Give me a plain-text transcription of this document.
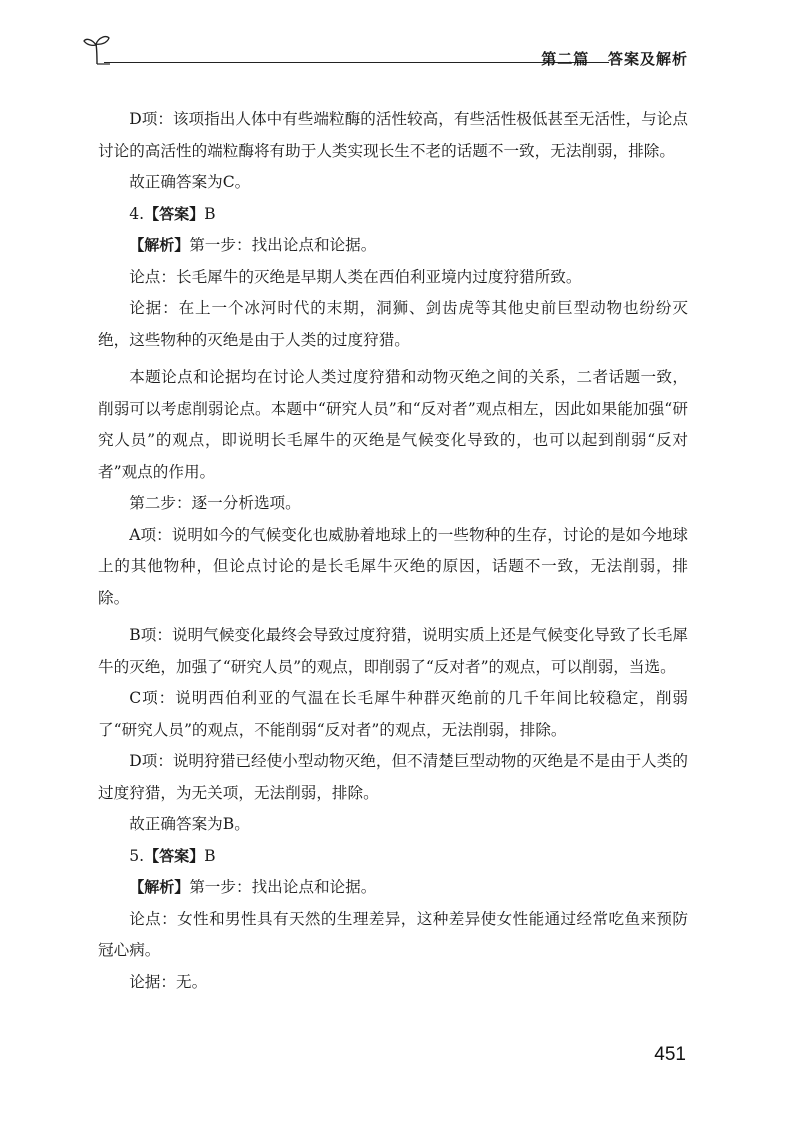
第二篇 答案及解析

D项：该项指出人体中有些端粒酶的活性较高，有些活性极低甚至无活性，与论点讨论的高活性的端粒酶将有助于人类实现长生不老的话题不一致，无法削弱，排除。

故正确答案为C。

4.【答案】B

【解析】第一步：找出论点和论据。

论点：长毛犀牛的灭绝是早期人类在西伯利亚境内过度狩猎所致。

论据：在上一个冰河时代的末期，洞狮、剑齿虎等其他史前巨型动物也纷纷灭绝，这些物种的灭绝是由于人类的过度狩猎。

本题论点和论据均在讨论人类过度狩猎和动物灭绝之间的关系，二者话题一致，削弱可以考虑削弱论点。本题中“研究人员”和“反对者”观点相左，因此如果能加强“研究人员”的观点，即说明长毛犀牛的灭绝是气候变化导致的，也可以起到削弱“反对者”观点的作用。

第二步：逐一分析选项。

A项：说明如今的气候变化也威胁着地球上的一些物种的生存，讨论的是如今地球上的其他物种，但论点讨论的是长毛犀牛灭绝的原因，话题不一致，无法削弱，排除。

B项：说明气候变化最终会导致过度狩猎，说明实质上还是气候变化导致了长毛犀牛的灭绝，加强了“研究人员”的观点，即削弱了“反对者”的观点，可以削弱，当选。

C项：说明西伯利亚的气温在长毛犀牛种群灭绝前的几千年间比较稳定，削弱了“研究人员”的观点，不能削弱“反对者”的观点，无法削弱，排除。

D项：说明狩猎已经使小型动物灭绝，但不清楚巨型动物的灭绝是不是由于人类的过度狩猎，为无关项，无法削弱，排除。

故正确答案为B。

5.【答案】B

【解析】第一步：找出论点和论据。

论点：女性和男性具有天然的生理差异，这种差异使女性能通过经常吃鱼来预防冠心病。

论据：无。

451
